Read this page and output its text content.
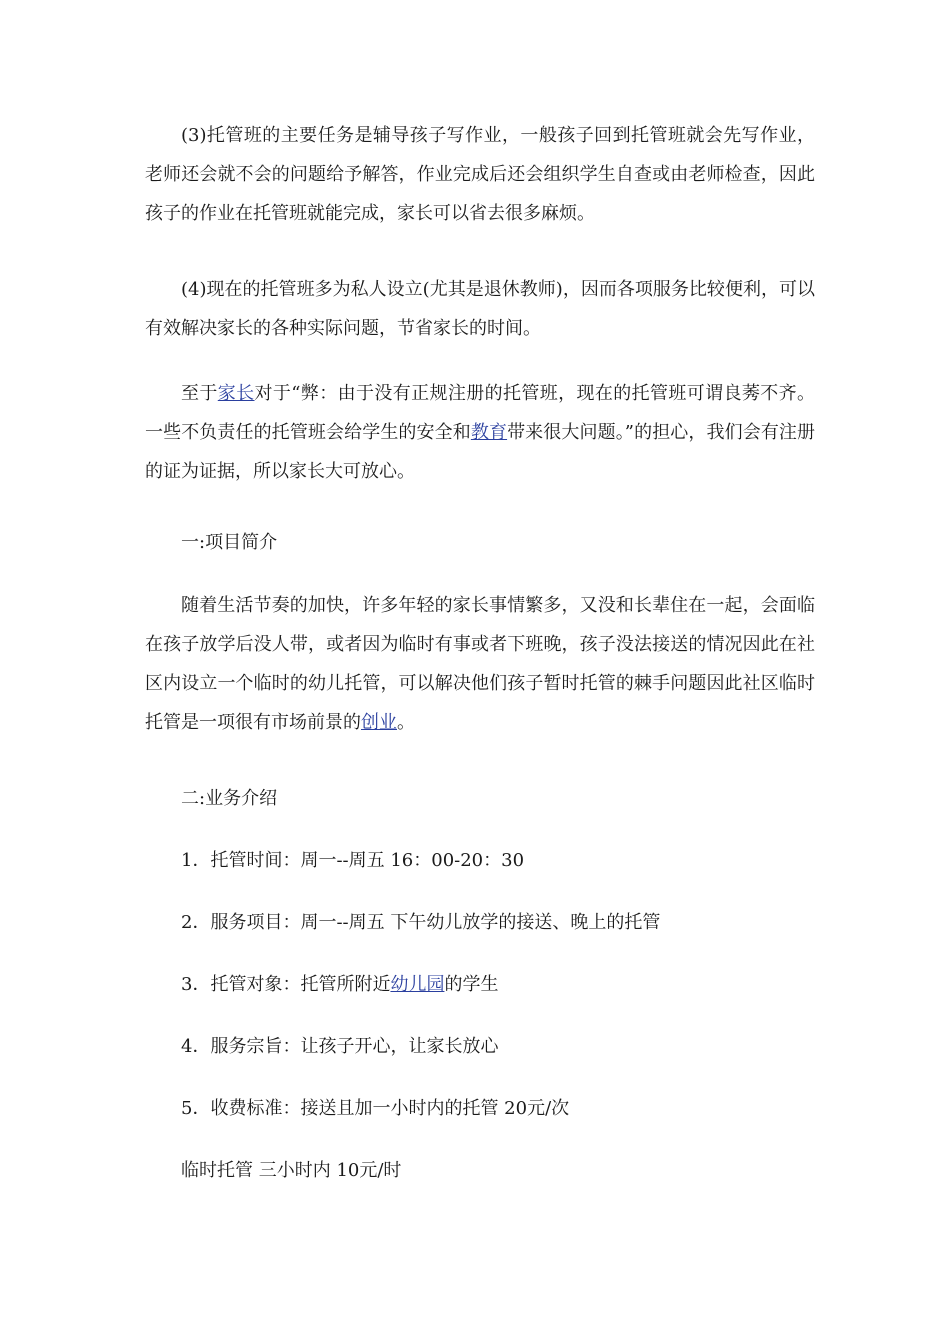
(3)托管班的主要任务是辅导孩子写作业，一般孩子回到托管班就会先写作业，老师还会就不会的问题给予解答，作业完成后还会组织学生自查或由老师检查，因此孩子的作业在托管班就能完成，家长可以省去很多麻烦。

(4)现在的托管班多为私人设立(尤其是退休教师)，因而各项服务比较便利，可以有效解决家长的各种实际问题，节省家长的时间。

至于家长对于“弊：由于没有正规注册的托管班，现在的托管班可谓良莠不齐。一些不负责任的托管班会给学生的安全和教育带来很大问题。”的担心，我们会有注册的证为证据，所以家长大可放心。

一:项目简介

随着生活节奏的加快，许多年轻的家长事情繁多，又没和长辈住在一起，会面临在孩子放学后没人带，或者因为临时有事或者下班晚，孩子没法接送的情况因此在社区内设立一个临时的幼儿托管，可以解决他们孩子暂时托管的棘手问题因此社区临时托管是一项很有市场前景的创业。

二:业务介绍

1．托管时间：周一--周五 16：00-20：30

2．服务项目：周一--周五 下午幼儿放学的接送、晚上的托管

3．托管对象：托管所附近幼儿园的学生

4．服务宗旨：让孩子开心，让家长放心

5．收费标准：接送且加一小时内的托管 20元/次

临时托管 三小时内 10元/时
